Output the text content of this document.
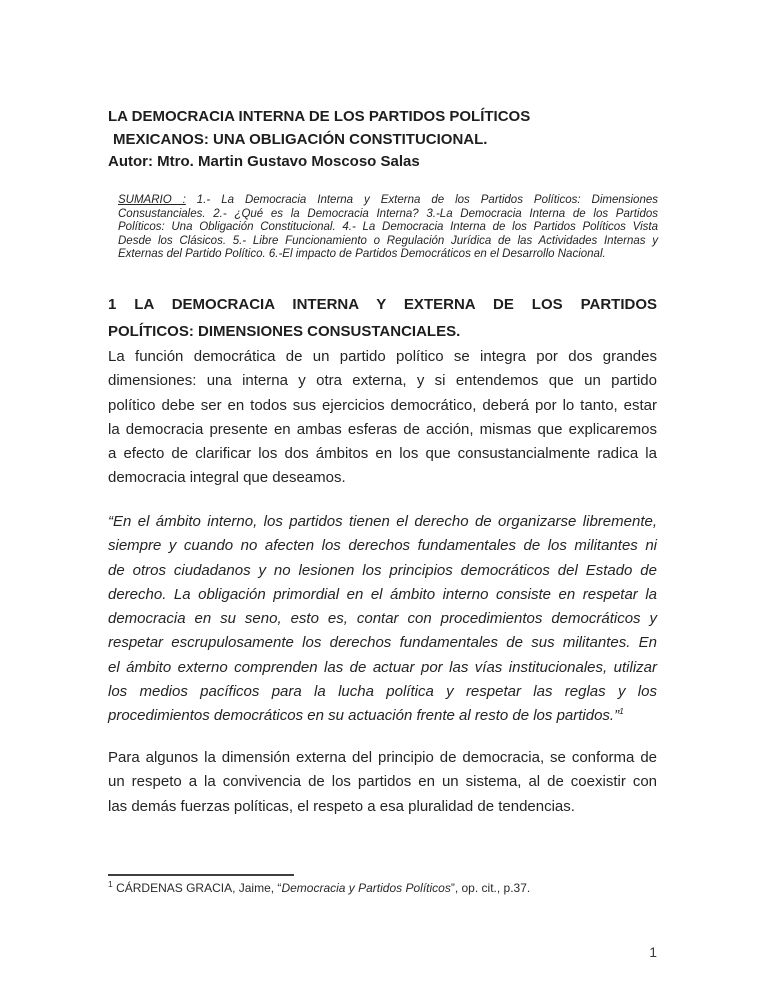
LA DEMOCRACIA INTERNA DE LOS PARTIDOS POLÍTICOS
MEXICANOS: UNA OBLIGACIÓN CONSTITUCIONAL.
Autor: Mtro. Martin Gustavo Moscoso Salas
SUMARIO : 1.- La Democracia Interna y Externa de los Partidos Políticos: Dimensiones
Consustanciales. 2.- ¿Qué es la Democracia Interna? 3.-La Democracia Interna de los Partidos
Políticos: Una Obligación Constitucional. 4.- La Democracia Interna de los Partidos Políticos Vista
Desde los Clásicos. 5.- Libre Funcionamiento o Regulación Jurídica de las Actividades Internas y
Externas del Partido Político. 6.-El impacto de Partidos Democráticos en el Desarrollo Nacional.
1 LA DEMOCRACIA INTERNA Y EXTERNA DE LOS PARTIDOS
POLÍTICOS: DIMENSIONES CONSUSTANCIALES.
La función democrática de un partido político se integra por dos grandes
dimensiones: una interna y otra externa, y si entendemos que un partido
político debe ser en todos sus ejercicios democrático, deberá por lo tanto, estar
la democracia presente en ambas esferas de acción, mismas que explicaremos
a efecto de clarificar los dos ámbitos en los que consustancialmente radica la
democracia integral que deseamos.
“En el ámbito interno, los partidos tienen el derecho de organizarse libremente,
siempre y cuando no afecten los derechos fundamentales de los militantes ni
de otros ciudadanos y no lesionen los principios democráticos del Estado de
derecho. La obligación primordial en el ámbito interno consiste en respetar la
democracia en su seno, esto es, contar con procedimientos democráticos y
respetar escrupulosamente los derechos fundamentales de sus militantes. En
el ámbito externo comprenden las de actuar por las vías institucionales, utilizar
los medios pacíficos para la lucha política y respetar las reglas y los
procedimientos democráticos en su actuación frente al resto de los partidos.”$^1$
Para algunos la dimensión externa del principio de democracia, se conforma de
un respeto a la convivencia de los partidos en un sistema, al de coexistir con
las demás fuerzas políticas, el respeto a esa pluralidad de tendencias.
$^1$ CÁRDENAS GRACIA, Jaime, “Democracia y Partidos Políticos”, op. cit., p.37.
1
